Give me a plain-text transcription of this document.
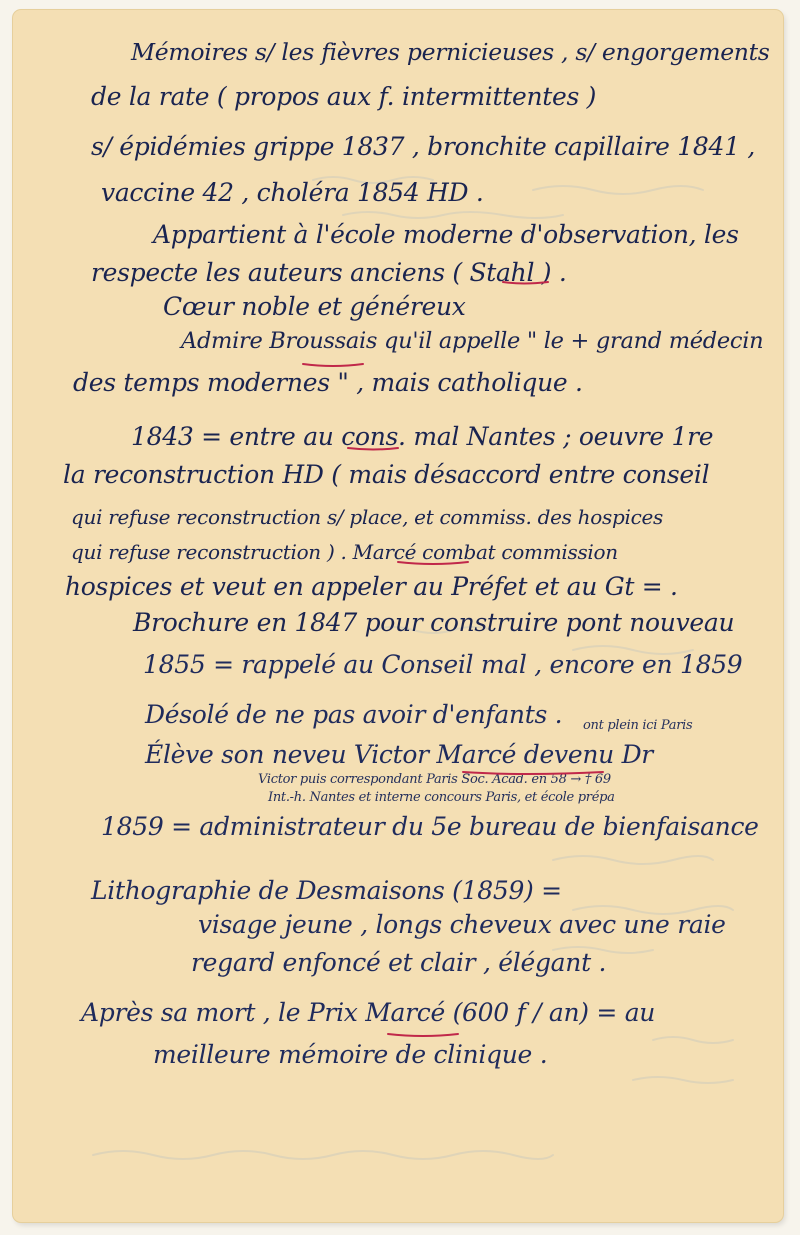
Mémoires s/ les fièvres pernicieuses , s/ engorgements
de la rate ( propos aux f. intermittentes )
s/ épidémies grippe 1837 , bronchite capillaire 1841 ,
vaccine 42 , choléra 1854 HD .
Appartient à l'école moderne d'observation, les
respecte les auteurs anciens ( Stahl ) .
Cœur noble et généreux
Admire Broussais qu'il appelle " le + grand médecin
des temps modernes " , mais catholique .
1843 = entre au cons. mal Nantes ; oeuvre 1re
la reconstruction HD ( mais désaccord entre conseil
qui refuse reconstruction s/ place, et commiss. des hospices
qui refuse reconstruction ) . Marcé combat commission
hospices et veut en appeler au Préfet et au Gt = .
Brochure en 1847 pour construire pont nouveau
1855 = rappelé au Conseil mal , encore en 1859
Désolé de ne pas avoir d'enfants .
Élève son neveu Victor Marcé devenu Dr
Victor puis correspondant Paris Soc. Acad. en 58 → † 69
ont plein ici Paris
Int.-h. Nantes et interne concours Paris, et école prépa
1859 = administrateur du 5e bureau de bienfaisance
Lithographie de Desmaisons (1859) =
visage jeune , longs cheveux avec une raie
regard enfoncé et clair , élégant .
Après sa mort , le Prix Marcé (600 f / an) = au
meilleure mémoire de clinique .
